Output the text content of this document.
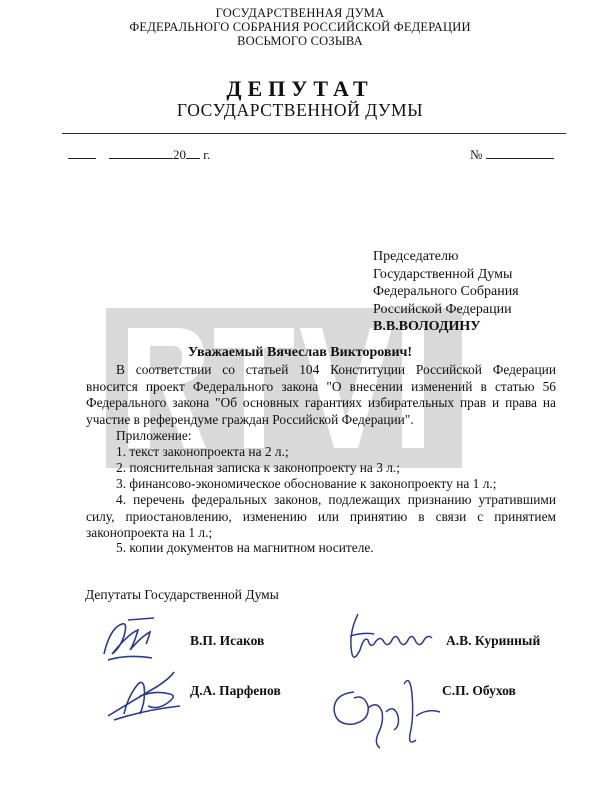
ГОСУДАРСТВЕННАЯ ДУМА
ФЕДЕРАЛЬНОГО СОБРАНИЯ РОССИЙСКОЙ ФЕДЕРАЦИИ
ВОСЬМОГО СОЗЫВА
ДЕПУТАТ
ГОСУДАРСТВЕННОЙ ДУМЫ
20 г.	№
Председателю
Государственной Думы
Федерального Собрания
Российской Федерации
В.В.ВОЛОДИНУ
Уважаемый Вячеслав Викторович!
В соответствии со статьей 104 Конституции Российской Федерации вносится проект Федерального закона "О внесении изменений в статью 56 Федерального закона "Об основных гарантиях избирательных прав и права на участие в референдуме граждан Российской Федерации".
Приложение:
1. текст законопроекта на 2 л.;
2. пояснительная записка к законопроекту на 3 л.;
3. финансово-экономическое обоснование к законопроекту на 1 л.;
4. перечень федеральных законов, подлежащих признанию утратившими силу, приостановлению, изменению или принятию в связи с принятием законопроекта на 1 л.;
5. копии документов на магнитном носителе.
Депутаты Государственной Думы
В.П. Исаков	А.В. Куринный
Д.А. Парфенов	С.П. Обухов
